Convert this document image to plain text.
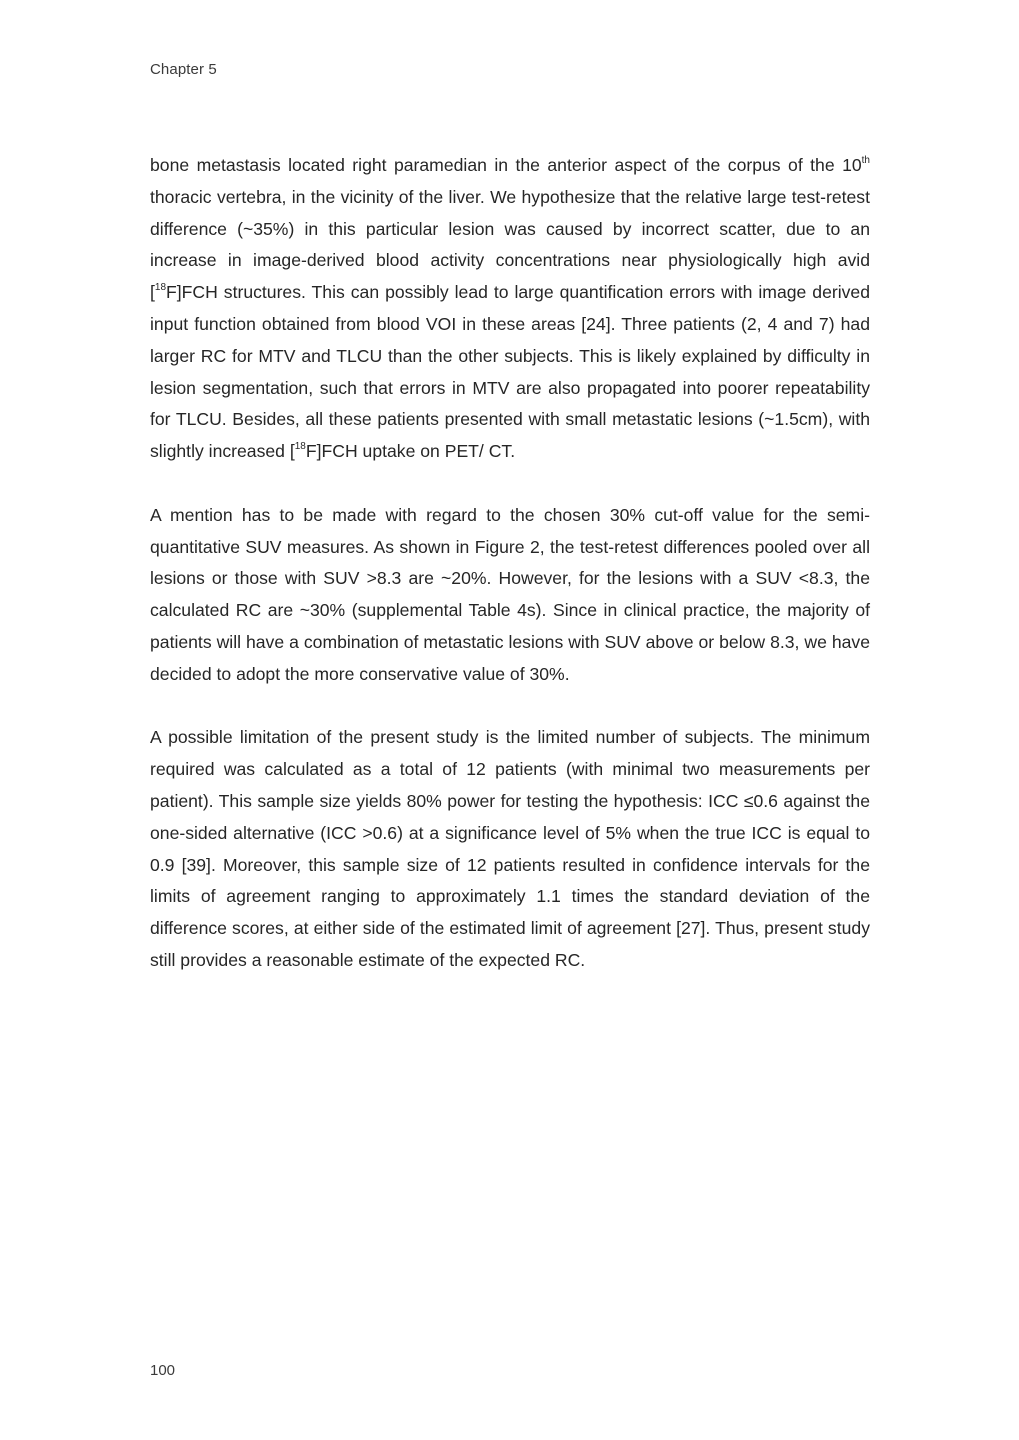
Chapter 5

bone metastasis located right paramedian in the anterior aspect of the corpus of the 10th thoracic vertebra, in the vicinity of the liver. We hypothesize that the relative large test-retest difference (~35%) in this particular lesion was caused by incorrect scatter, due to an increase in image-derived blood activity concentrations near physiologically high avid [$^{18}$F]FCH structures. This can possibly lead to large quantification errors with image derived input function obtained from blood VOI in these areas [24]. Three patients (2, 4 and 7) had larger RC for MTV and TLCU than the other subjects. This is likely explained by difficulty in lesion segmentation, such that errors in MTV are also propagated into poorer repeatability for TLCU. Besides, all these patients presented with small metastatic lesions (~1.5cm), with slightly increased [$^{18}$F]FCH uptake on PET/ CT.

A mention has to be made with regard to the chosen 30% cut-off value for the semi-quantitative SUV measures. As shown in Figure 2, the test-retest differences pooled over all lesions or those with SUV >8.3 are ~20%. However, for the lesions with a SUV <8.3, the calculated RC are ~30% (supplemental Table 4s). Since in clinical practice, the majority of patients will have a combination of metastatic lesions with SUV above or below 8.3, we have decided to adopt the more conservative value of 30%.

A possible limitation of the present study is the limited number of subjects. The minimum required was calculated as a total of 12 patients (with minimal two measurements per patient). This sample size yields 80% power for testing the hypothesis: ICC ≤0.6 against the one-sided alternative (ICC >0.6) at a significance level of 5% when the true ICC is equal to 0.9 [39]. Moreover, this sample size of 12 patients resulted in confidence intervals for the limits of agreement ranging to approximately 1.1 times the standard deviation of the difference scores, at either side of the estimated limit of agreement [27]. Thus, present study still provides a reasonable estimate of the expected RC.

100
